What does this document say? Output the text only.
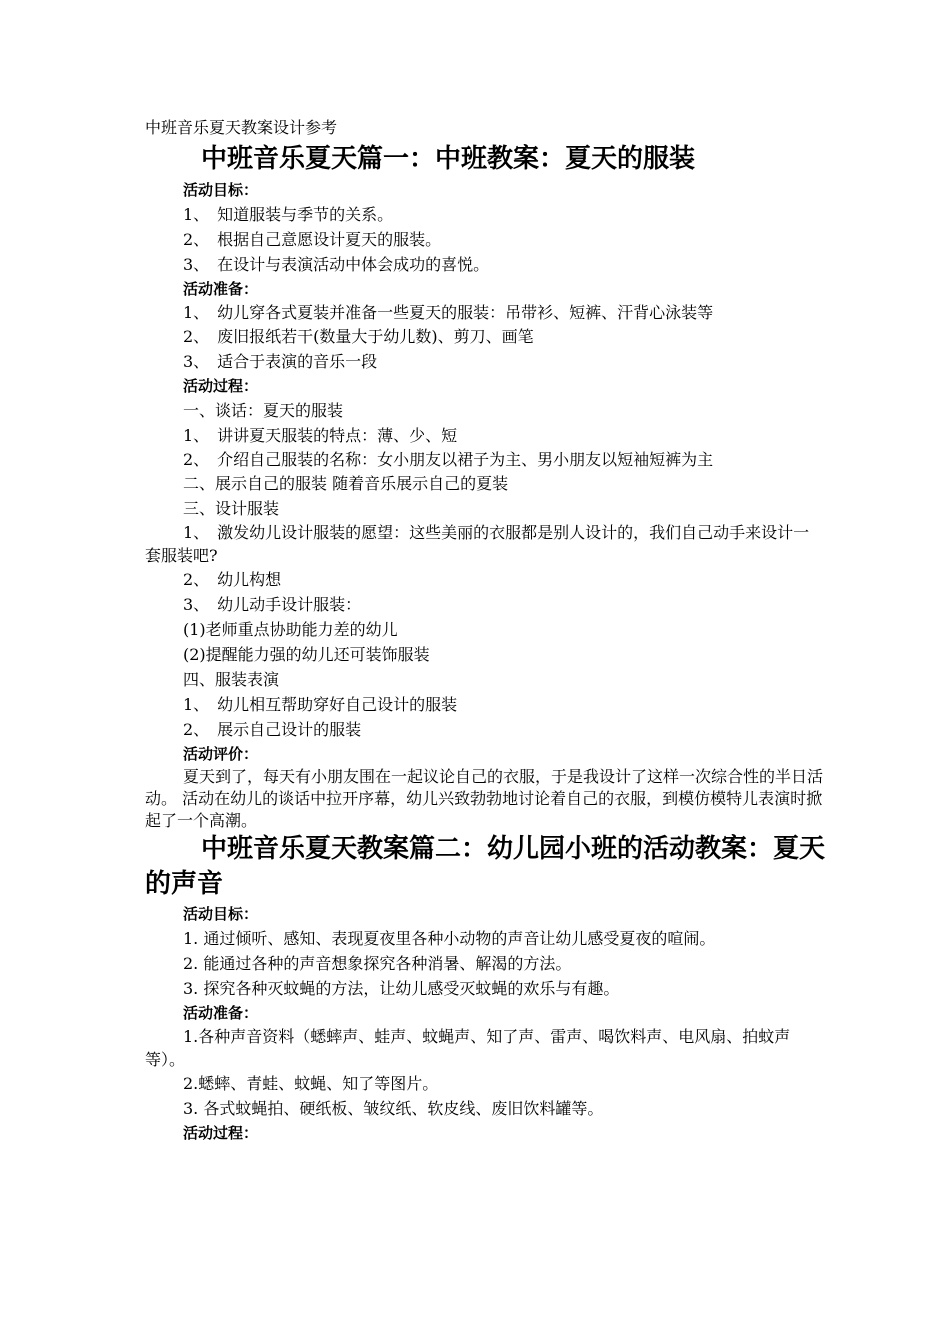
中班音乐夏天教案设计参考

中班音乐夏天篇一：中班教案：夏天的服装

活动目标：

1、　知道服装与季节的关系。

2、　根据自己意愿设计夏天的服装。

3、　在设计与表演活动中体会成功的喜悦。

活动准备：

1、　幼儿穿各式夏装并准备一些夏天的服装：吊带衫、短裤、汗背心泳装等

2、　废旧报纸若干(数量大于幼儿数)、剪刀、画笔

3、　适合于表演的音乐一段

活动过程：

一、谈话：夏天的服装

1、　讲讲夏天服装的特点：薄、少、短

2、　介绍自己服装的名称：女小朋友以裙子为主、男小朋友以短袖短裤为主

二、展示自己的服装 随着音乐展示自己的夏装

三、设计服装

1、　激发幼儿设计服装的愿望：这些美丽的衣服都是别人设计的，我们自己动手来设计一套服装吧?

2、　幼儿构想

3、　幼儿动手设计服装：

(1)老师重点协助能力差的幼儿

(2)提醒能力强的幼儿还可装饰服装

四、服装表演

1、　幼儿相互帮助穿好自己设计的服装

2、　展示自己设计的服装

活动评价：

夏天到了，每天有小朋友围在一起议论自己的衣服，于是我设计了这样一次综合性的半日活动。 活动在幼儿的谈话中拉开序幕，幼儿兴致勃勃地讨论着自己的衣服，到模仿模特儿表演时掀起了一个高潮。

中班音乐夏天教案篇二：幼儿园小班的活动教案：夏天的声音

活动目标：

1. 通过倾听、感知、表现夏夜里各种小动物的声音让幼儿感受夏夜的喧闹。

2. 能通过各种的声音想象探究各种消暑、解渴的方法。

3. 探究各种灭蚊蝇的方法，让幼儿感受灭蚊蝇的欢乐与有趣。

活动准备：

1.各种声音资料（蟋蟀声、蛙声、蚊蝇声、知了声、雷声、喝饮料声、电风扇、拍蚊声等）。

2.蟋蟀、青蛙、蚊蝇、知了等图片。

3. 各式蚊蝇拍、硬纸板、皱纹纸、软皮线、废旧饮料罐等。

活动过程：
